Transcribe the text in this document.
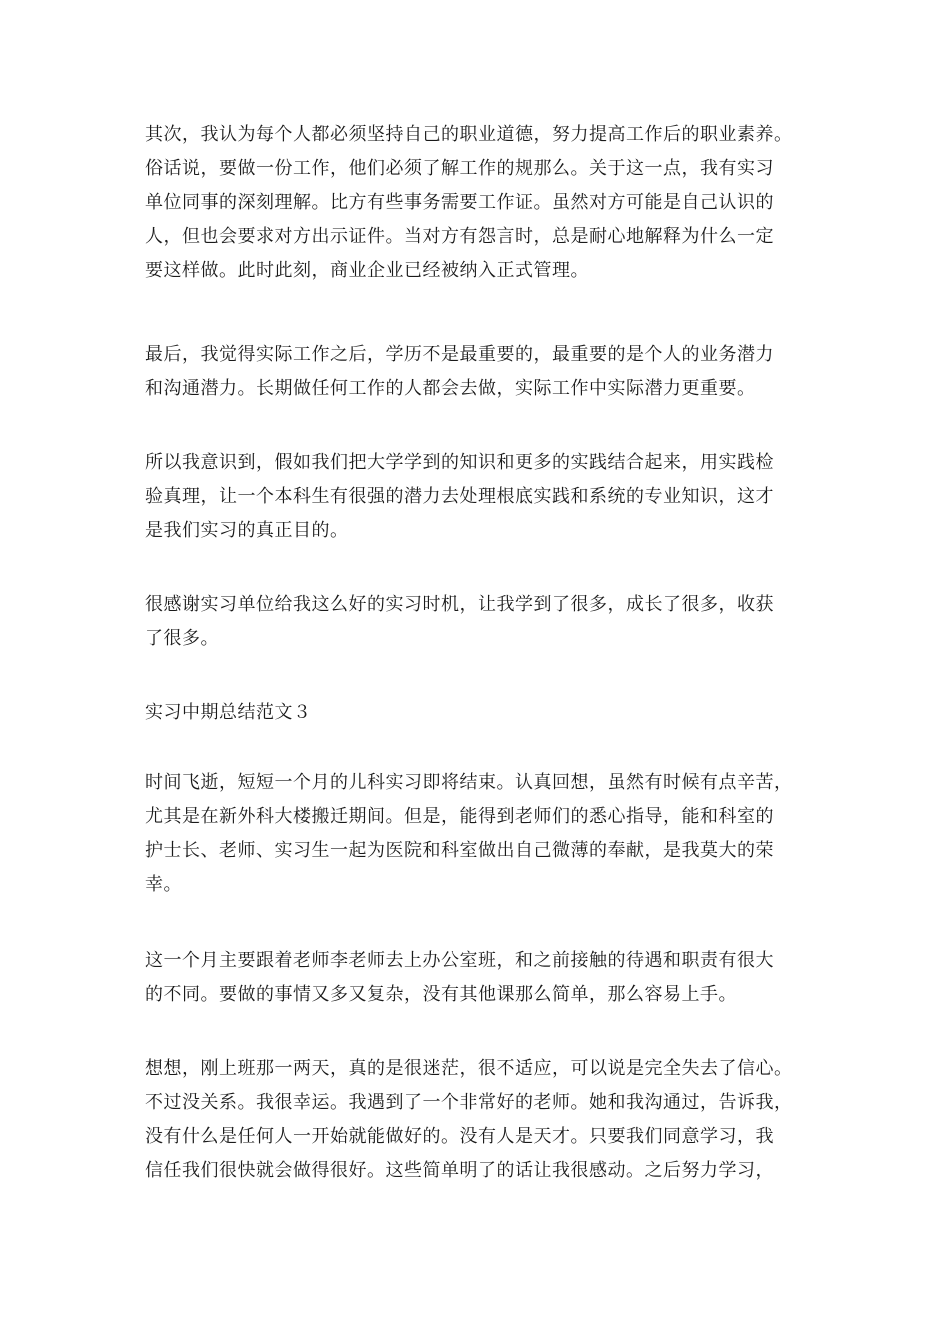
其次，我认为每个人都必须坚持自己的职业道德，努力提高工作后的职业素养。
俗话说，要做一份工作，他们必须了解工作的规那么。关于这一点，我有实习
单位同事的深刻理解。比方有些事务需要工作证。虽然对方可能是自己认识的
人，但也会要求对方出示证件。当对方有怨言时，总是耐心地解释为什么一定
要这样做。此时此刻，商业企业已经被纳入正式管理。
最后，我觉得实际工作之后，学历不是最重要的，最重要的是个人的业务潜力
和沟通潜力。长期做任何工作的人都会去做，实际工作中实际潜力更重要。
所以我意识到，假如我们把大学学到的知识和更多的实践结合起来，用实践检
验真理，让一个本科生有很强的潜力去处理根底实践和系统的专业知识，这才
是我们实习的真正目的。
很感谢实习单位给我这么好的实习时机，让我学到了很多，成长了很多，收获
了很多。
实习中期总结范文３
时间飞逝，短短一个月的儿科实习即将结束。认真回想，虽然有时候有点辛苦，
尤其是在新外科大楼搬迁期间。但是，能得到老师们的悉心指导，能和科室的
护士长、老师、实习生一起为医院和科室做出自己微薄的奉献，是我莫大的荣
幸。
这一个月主要跟着老师李老师去上办公室班，和之前接触的待遇和职责有很大
的不同。要做的事情又多又复杂，没有其他课那么简单，那么容易上手。
想想，刚上班那一两天，真的是很迷茫，很不适应，可以说是完全失去了信心。
不过没关系。我很幸运。我遇到了一个非常好的老师。她和我沟通过，告诉我，
没有什么是任何人一开始就能做好的。没有人是天才。只要我们同意学习，我
信任我们很快就会做得很好。这些简单明了的话让我很感动。之后努力学习，
